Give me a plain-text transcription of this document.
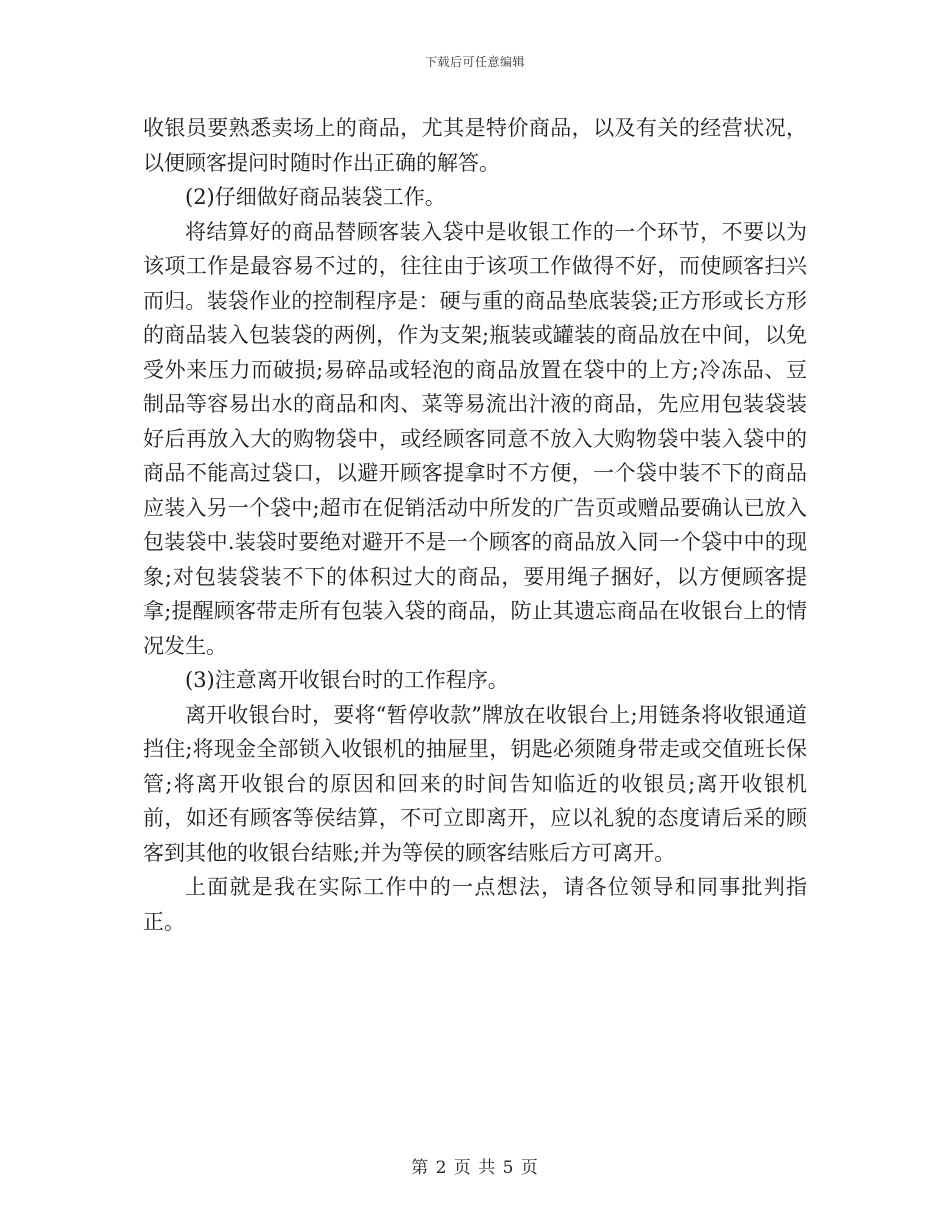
下载后可任意编辑

收银员要熟悉卖场上的商品，尤其是特价商品，以及有关的经营状况，以便顾客提问时随时作出正确的解答。

(2)仔细做好商品装袋工作。

将结算好的商品替顾客装入袋中是收银工作的一个环节，不要以为该项工作是最容易不过的，往往由于该项工作做得不好，而使顾客扫兴而归。装袋作业的控制程序是：硬与重的商品垫底装袋;正方形或长方形的商品装入包装袋的两例，作为支架;瓶装或罐装的商品放在中间，以免受外来压力而破损;易碎品或轻泡的商品放置在袋中的上方;冷冻品、豆制品等容易出水的商品和肉、菜等易流出汁液的商品，先应用包装袋装好后再放入大的购物袋中，或经顾客同意不放入大购物袋中装入袋中的商品不能高过袋口，以避开顾客提拿时不方便，一个袋中装不下的商品应装入另一个袋中;超市在促销活动中所发的广告页或赠品要确认已放入包装袋中.装袋时要绝对避开不是一个顾客的商品放入同一个袋中中的现象;对包装袋装不下的体积过大的商品，要用绳子捆好，以方便顾客提拿;提醒顾客带走所有包装入袋的商品，防止其遗忘商品在收银台上的情况发生。

(3)注意离开收银台时的工作程序。

离开收银台时，要将“暂停收款”牌放在收银台上;用链条将收银通道挡住;将现金全部锁入收银机的抽屉里，钥匙必须随身带走或交值班长保管;将离开收银台的原因和回来的时间告知临近的收银员;离开收银机前，如还有顾客等侯结算，不可立即离开，应以礼貌的态度请后采的顾客到其他的收银台结账;并为等侯的顾客结账后方可离开。

上面就是我在实际工作中的一点想法，请各位领导和同事批判指正。

第 2 页 共 5 页
